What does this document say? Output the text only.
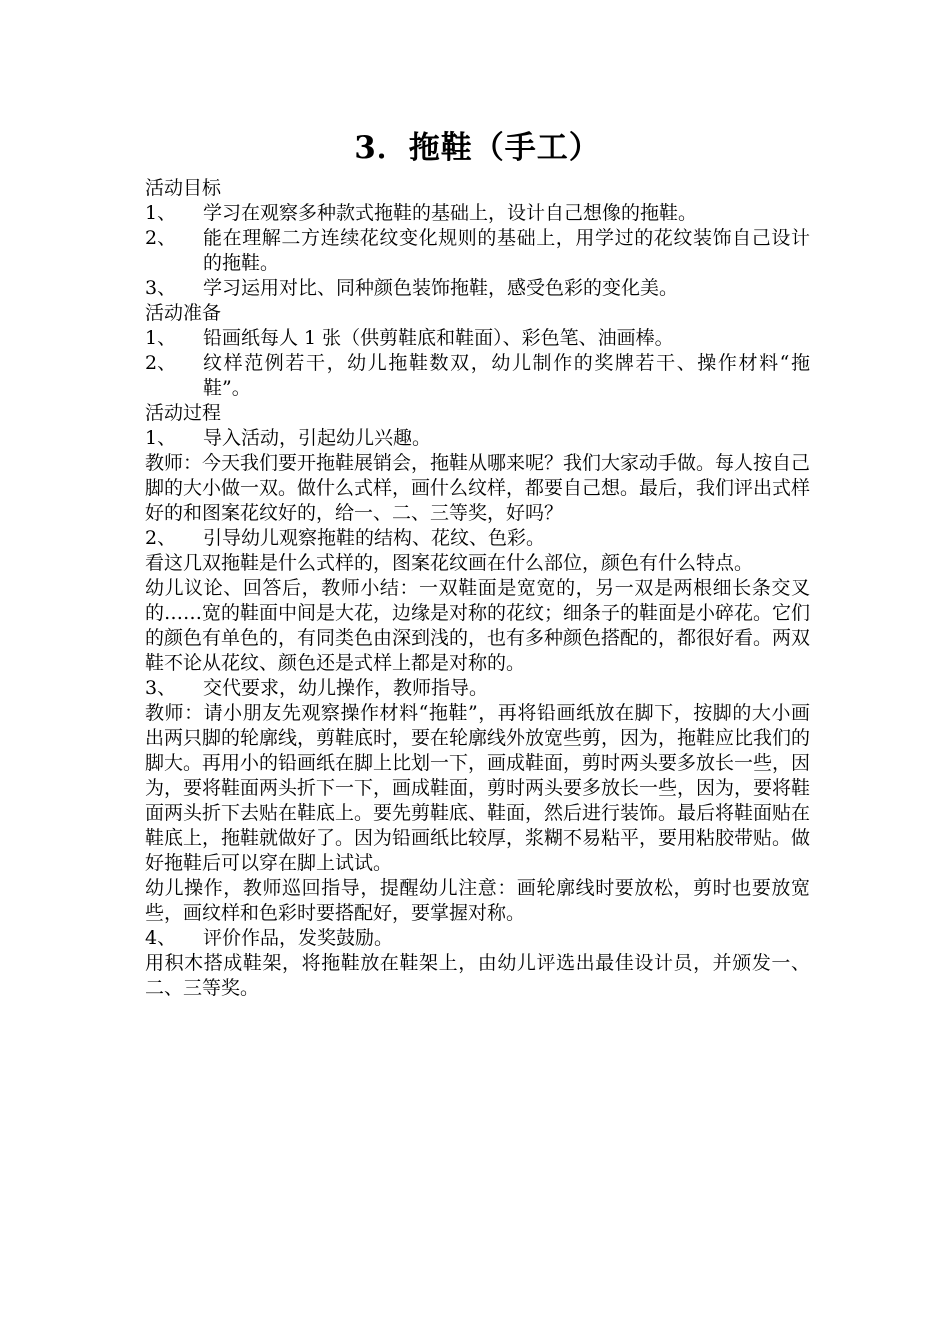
3．拖鞋（手工）

活动目标

1、 学习在观察多种款式拖鞋的基础上，设计自己想像的拖鞋。
2、 能在理解二方连续花纹变化规则的基础上，用学过的花纹装饰自己设计的拖鞋。
3、 学习运用对比、同种颜色装饰拖鞋，感受色彩的变化美。

活动准备

1、 铅画纸每人 1 张（供剪鞋底和鞋面）、彩色笔、油画棒。
2、 纹样范例若干，幼儿拖鞋数双，幼儿制作的奖牌若干、操作材料“拖鞋”。

活动过程

1、 导入活动，引起幼儿兴趣。

教师：今天我们要开拖鞋展销会，拖鞋从哪来呢？我们大家动手做。每人按自己脚的大小做一双。做什么式样，画什么纹样，都要自己想。最后，我们评出式样好的和图案花纹好的，给一、二、三等奖，好吗？

2、 引导幼儿观察拖鞋的结构、花纹、色彩。

看这几双拖鞋是什么式样的，图案花纹画在什么部位，颜色有什么特点。

幼儿议论、回答后，教师小结：一双鞋面是宽宽的，另一双是两根细长条交叉的……宽的鞋面中间是大花，边缘是对称的花纹；细条子的鞋面是小碎花。它们的颜色有单色的，有同类色由深到浅的，也有多种颜色搭配的，都很好看。两双鞋不论从花纹、颜色还是式样上都是对称的。

3、 交代要求，幼儿操作，教师指导。

教师：请小朋友先观察操作材料“拖鞋”，再将铅画纸放在脚下，按脚的大小画出两只脚的轮廓线，剪鞋底时，要在轮廓线外放宽些剪，因为，拖鞋应比我们的脚大。再用小的铅画纸在脚上比划一下，画成鞋面，剪时两头要多放长一些，因为，要将鞋面两头折下一下，画成鞋面，剪时两头要多放长一些，因为，要将鞋面两头折下去贴在鞋底上。要先剪鞋底、鞋面，然后进行装饰。最后将鞋面贴在鞋底上，拖鞋就做好了。因为铅画纸比较厚，浆糊不易粘平，要用粘胶带贴。做好拖鞋后可以穿在脚上试试。

幼儿操作，教师巡回指导，提醒幼儿注意：画轮廓线时要放松，剪时也要放宽些，画纹样和色彩时要搭配好，要掌握对称。

4、 评价作品，发奖鼓励。

用积木搭成鞋架，将拖鞋放在鞋架上，由幼儿评选出最佳设计员，并颁发一、二、三等奖。
